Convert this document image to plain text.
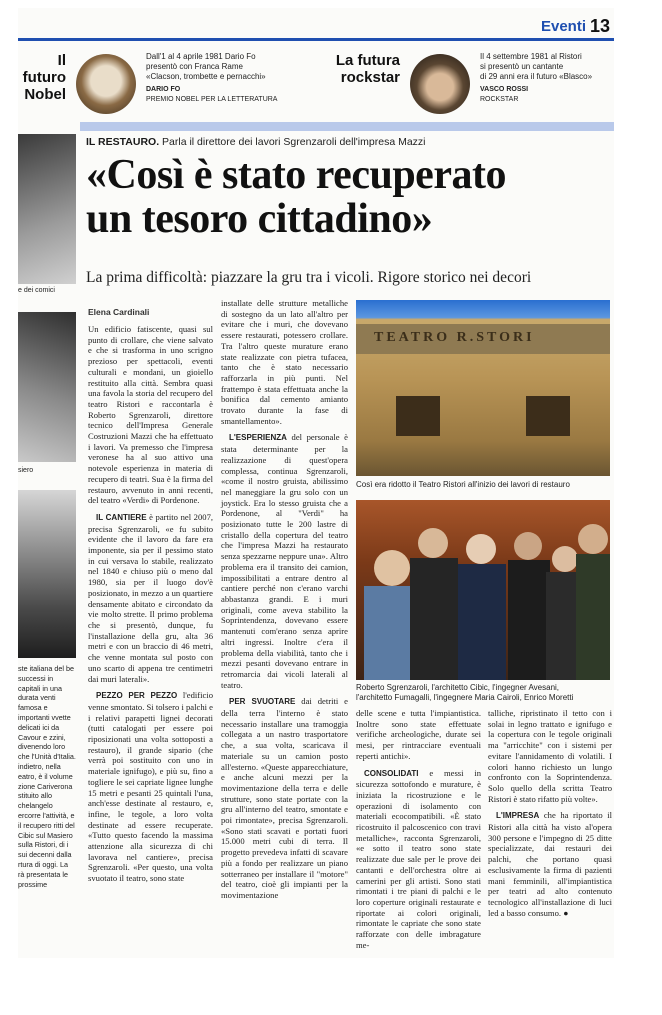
Eventi 13
Il futuro
Nobel
Dall'1 al 4 aprile 1981 Dario Fo
presentò con Franca Rame
«Clacson, trombette e pernacchi»
DARIO FO
PREMIO NOBEL PER LA LETTERATURA
La futura
rockstar
Il 4 settembre 1981 al Ristori
si presentò un cantante
di 29 anni era il futuro «Blasco»
VASCO ROSSI
ROCKSTAR
e dei comici
siero
ste italiana del be successi in capitali in una durata venti famosa e importanti vvette delicati ici da Cavour e zzini, divenendo loro che l'Unità d'Italia. indietro, nella eatro, è il volume zione Cariverona stituito allo chelangelo ercorre l'attività, e il recupero ritti del Cibic sul Masiero sulla Ristori, di i sui decenni dalla rtura di oggi. La rà presentata le prossime
IL RESTAURO. Parla il direttore dei lavori Sgrenzaroli dell'impresa Mazzi
«Così è stato recuperato
un tesoro cittadino»
La prima difficoltà: piazzare la gru tra i vicoli. Rigore storico nei decori
Elena Cardinali

Un edificio fatiscente, quasi sul punto di crollare, che viene salvato e che si trasforma in uno scrigno prezioso per spettacoli, eventi culturali e mondani, un gioiello restituito alla città. Sembra quasi una favola la storia del recupero del teatro Ristori e raccontarla è Roberto Sgrenzaroli, direttore tecnico dell'Impresa Generale Costruzioni Mazzi che ha effettuato i lavori. Va premesso che l'impresa veronese ha al suo attivo una notevole esperienza in materia di recupero di teatri. Sua è la firma del restauro, avvenuto in anni recenti, del teatro «Verdi» di Pordenone.

IL CANTIERE è partito nel 2007, precisa Sgrenzaroli, «e fu subito evidente che il lavoro da fare era imponente, sia per il pessimo stato in cui versava lo stabile, realizzato nel 1840 e chiuso più o meno dal 1980, sia per il luogo dov'è posizionato, in mezzo a un quartiere densamente abitato e circondato da vie molto strette. Il primo problema che si presentò, dunque, fu l'installazione della gru, alta 36 metri e con un braccio di 46 metri, che venne montata sul posto con uno scarto di appena tre centimetri dai muri laterali».

PEZZO PER PEZZO l'edificio venne smontato. Si tolsero i palchi e i relativi parapetti lignei decorati (tutti catalogati per essere poi riposizionati una volta sottoposti a restauro), il grande sipario (che verrà poi sostituito con uno in materiale ignifugo), e più su, fino a togliere le sei capriate lignee lunghe 15 metri e pesanti 25 quintali l'una, anch'esse destinate al restauro, e, infine, le tegole, a loro volta destinate ad essere recuperate. «Tutto questo facendo la massima attenzione alla sicurezza di chi lavorava nel cantiere», precisa Sgrenzaroli. «Per questo, una volta svuotato il teatro, sono state

installate delle strutture metalliche di sostegno da un lato all'altro per evitare che i muri, che dovevano essere restaurati, potessero crollare. Tra l'altro queste murature erano state realizzate con pietra tufacea, tanto che è stato necessario rafforzarla in più punti. Nel frattempo è stata effettuata anche la bonifica dal cemento amianto trovato durante la fase di smantellamento».

L'ESPERIENZA del personale è stata determinante per la realizzazione di quest'opera complessa, continua Sgrenzaroli, «come il nostro gruista, abilissimo nel maneggiare la gru solo con un joystick. Era lo stesso gruista che a Pordenone, al "Verdi" ha posizionato tutte le 200 lastre di cristallo della copertura del teatro che l'impresa Mazzi ha restaurato senza spezzarne neppure una». Altro problema era il transito dei camion, impossibilitati a entrare dentro al cantiere perché non c'erano varchi abbastanza grandi. E i muri originali, come aveva stabilito la Soprintendenza, dovevano essere mantenuti com'erano senza aprire altri ingressi. Inoltre c'era il problema della viabilità, tanto che i mezzi pesanti dovevano entrare in retromarcia dai vicoli laterali al teatro.

PER SVUOTARE dai detriti e della terra l'interno è stato necessario installare una tramoggia collegata a un nastro trasportatore che, a sua volta, scaricava il materiale su un camion posto all'esterno. «Queste apparecchiature, e anche alcuni mezzi per la movimentazione della terra e delle strutture, sono state portate con la gru all'interno del teatro, smontate e poi rimontate», precisa Sgrenzaroli. «Sono stati scavati e portati fuori 15.000 metri cubi di terra. Il progetto prevedeva infatti di scavare più a fondo per realizzare un piano sotterraneo per installare il "motore" del teatro, cioè gli impianti per la movimentazione

TEATRO R.STORI
Così era ridotto il Teatro Ristori all'inizio dei lavori di restauro
Roberto Sgrenzaroli, l'architetto Cibic, l'ingegner Avesani,
l'architetto Fumagalli, l'ingegnere Maria Cairoli, Enrico Moretti

delle scene e tutta l'impiantistica. Inoltre sono state effettuate verifiche archeologiche, durate sei mesi, per rintracciare eventuali reperti antichi».

CONSOLIDATI e messi in sicurezza sottofondo e murature, è iniziata la ricostruzione e le operazioni di isolamento con materiali ecocompatibili. «È stato ricostruito il palcoscenico con travi metalliche», racconta Sgrenzaroli, «e sotto il teatro sono state realizzate due sale per le prove dei cantanti e dell'orchestra oltre ai camerini per gli artisti. Sono stati rimontati i tre piani di palchi e le loro coperture originali restaurate e riportate ai colori originali, rimontate le capriate che sono state rafforzate con delle imbragature me-

talliche, ripristinato il tetto con i solai in legno trattato e ignifugo e la copertura con le tegole originali ma "arricchite" con i sistemi per evitare l'annidamento di volatili. I colori hanno richiesto un lungo confronto con la Soprintendenza. Solo quello della scritta Teatro Ristori è stato rifatto più volte».

L'IMPRESA che ha riportato il Ristori alla città ha visto al'opera 300 persone e l'impegno di 25 ditte specializzate, dai restauri dei palchi, che portano quasi esclusivamente la firma di pazienti mani femminili, all'impiantistica per teatri ad alto contenuto tecnologico all'installazione di luci led a basso consumo. ●
